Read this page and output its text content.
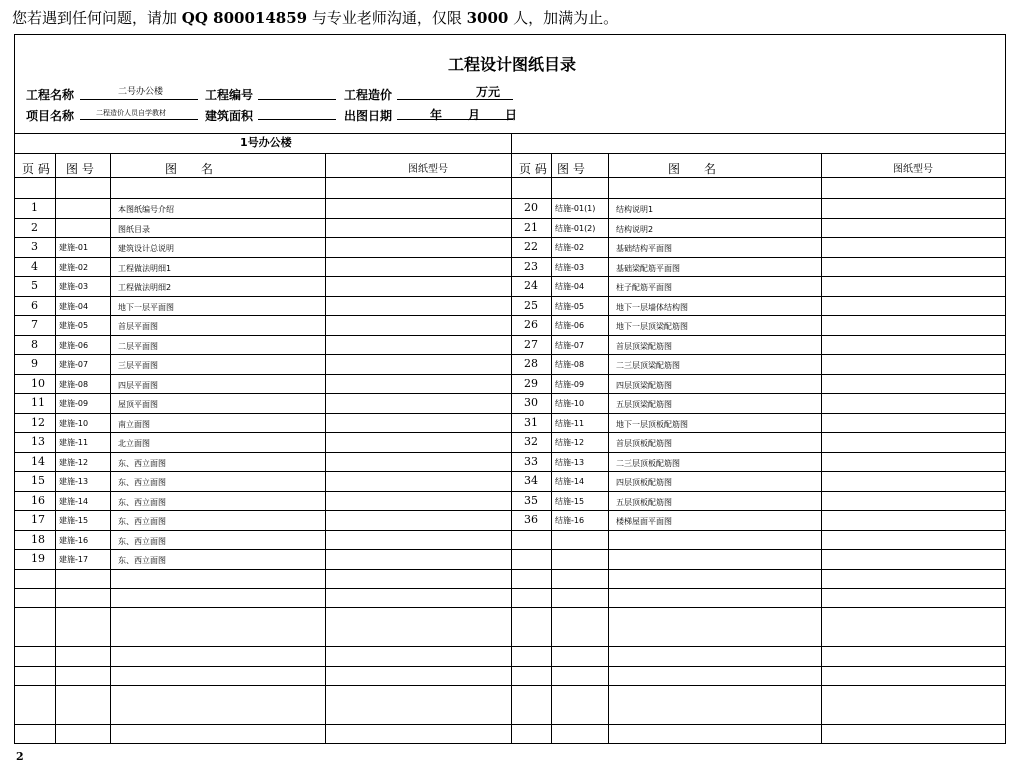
您若遇到任何问题，请加 QQ 800014859 与专业老师沟通，仅限 3000 人，加满为止。
工程设计图纸目录
工程名称	二号办公楼	工程编号	工程造价	万元
项目名称	二程造价人员自学教材	建筑面积	出图日期	年 月 日
1号办公楼
页 码 图 号	图　　名	图纸型号	页 码 图 号	图　　名	图纸型号
1	本图纸编号介绍
2	图纸目录
3	建施-01	建筑设计总说明
4	建施-02	工程做法明细1
5	建施-03	工程做法明细2
6	建施-04	地下一层平面图
7	建施-05	首层平面图
8	建施-06	二层平面图
9	建施-07	三层平面图
10 建施-08	四层平面图
11 建施-09	屋顶平面图
12 建施-10	南立面图
13 建施-11	北立面图
14 建施-12	东、西立面图
15 建施-13	东、西立面图
16 建施-14	东、西立面图
17 建施-15	东、西立面图
18 建施-16	东、西立面图
19 建施-17	东、西立面图
20 结施-01(1)	结构说明1
21 结施-01(2)	结构说明2
22 结施-02	基础结构平面图
23 结施-03	基础梁配筋平面图
24 结施-04	柱子配筋平面图
25 结施-05	地下一层墙体结构图
26 结施-06	地下一层顶梁配筋图
27 结施-07	首层顶梁配筋图
28 结施-08	二三层顶梁配筋图
29 结施-09	四层顶梁配筋图
30 结施-10	五层顶梁配筋图
31 结施-11	地下一层顶板配筋图
32 结施-12	首层顶板配筋图
33 结施-13	二三层顶板配筋图
34 结施-14	四层顶板配筋图
35 结施-15	五层顶板配筋图
36 结施-16	楼梯屋面平面图
2
